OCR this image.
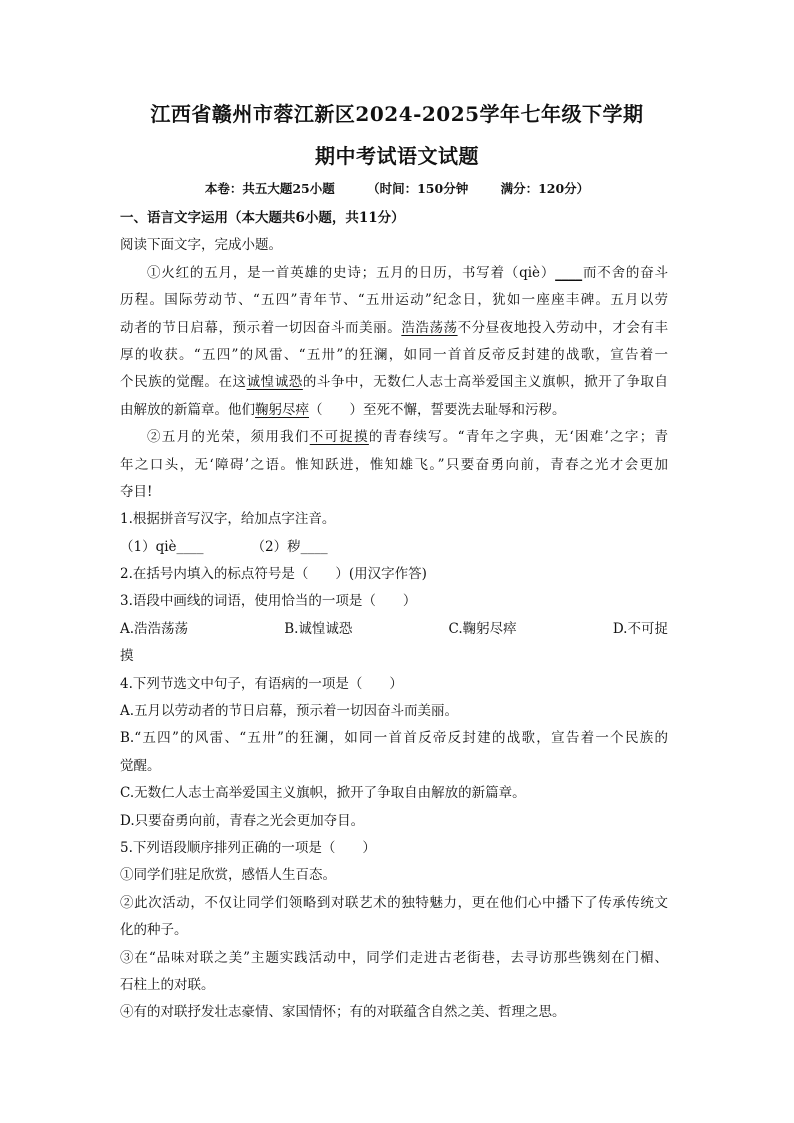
江西省赣州市蓉江新区2024-2025学年七年级下学期
期中考试语文试题
本卷：共五大题25小题	（时间：150分钟	满分：120分）
一、语言文字运用（本大题共6小题，共11分）
阅读下面文字，完成小题。
①火红的五月，是一首英雄的史诗；五月的日历，书写着（qiè）____而不舍的奋斗
历程。国际劳动节、“五四”青年节、“五卅运动”纪念日，犹如一座座丰碑。五月以劳
动者的节日启幕，预示着一切因奋斗而美丽。浩浩荡荡不分昼夜地投入劳动中，才会有丰
厚的收获。“五四”的风雷、“五卅”的狂澜，如同一首首反帝反封建的战歌，宣告着一
个民族的觉醒。在这诚惶诚恐的斗争中，无数仁人志士高举爱国主义旗帜，掀开了争取自
由解放的新篇章。他们鞠躬尽瘁（　　）至死不懈，誓要洗去耻辱和污秽。
②五月的光荣，须用我们不可捉摸的青春续写。“青年之字典，无‘困难’之字；青
年之口头，无‘障碍’之语。惟知跃进，惟知雄飞。”只要奋勇向前，青春之光才会更加
夺目!
1.根据拼音写汉字，给加点字注音。
（1）qiè____	（2）秽____
2.在括号内填入的标点符号是（　　）(用汉字作答)
3.语段中画线的词语，使用恰当的一项是（　　）
A.浩浩荡荡	B.诚惶诚恐	C.鞠躬尽瘁	D.不可捉
摸
4.下列节选文中句子，有语病的一项是（　　）
A.五月以劳动者的节日启幕，预示着一切因奋斗而美丽。
B.“五四”的风雷、“五卅”的狂澜，如同一首首反帝反封建的战歌，宣告着一个民族的
觉醒。
C.无数仁人志士高举爱国主义旗帜，掀开了争取自由解放的新篇章。
D.只要奋勇向前，青春之光会更加夺目。
5.下列语段顺序排列正确的一项是（　　）
①同学们驻足欣赏，感悟人生百态。
②此次活动，不仅让同学们领略到对联艺术的独特魅力，更在他们心中播下了传承传统文
化的种子。
③在“品味对联之美”主题实践活动中，同学们走进古老街巷，去寻访那些镌刻在门楣、
石柱上的对联。
④有的对联抒发壮志豪情、家国情怀；有的对联蕴含自然之美、哲理之思。
